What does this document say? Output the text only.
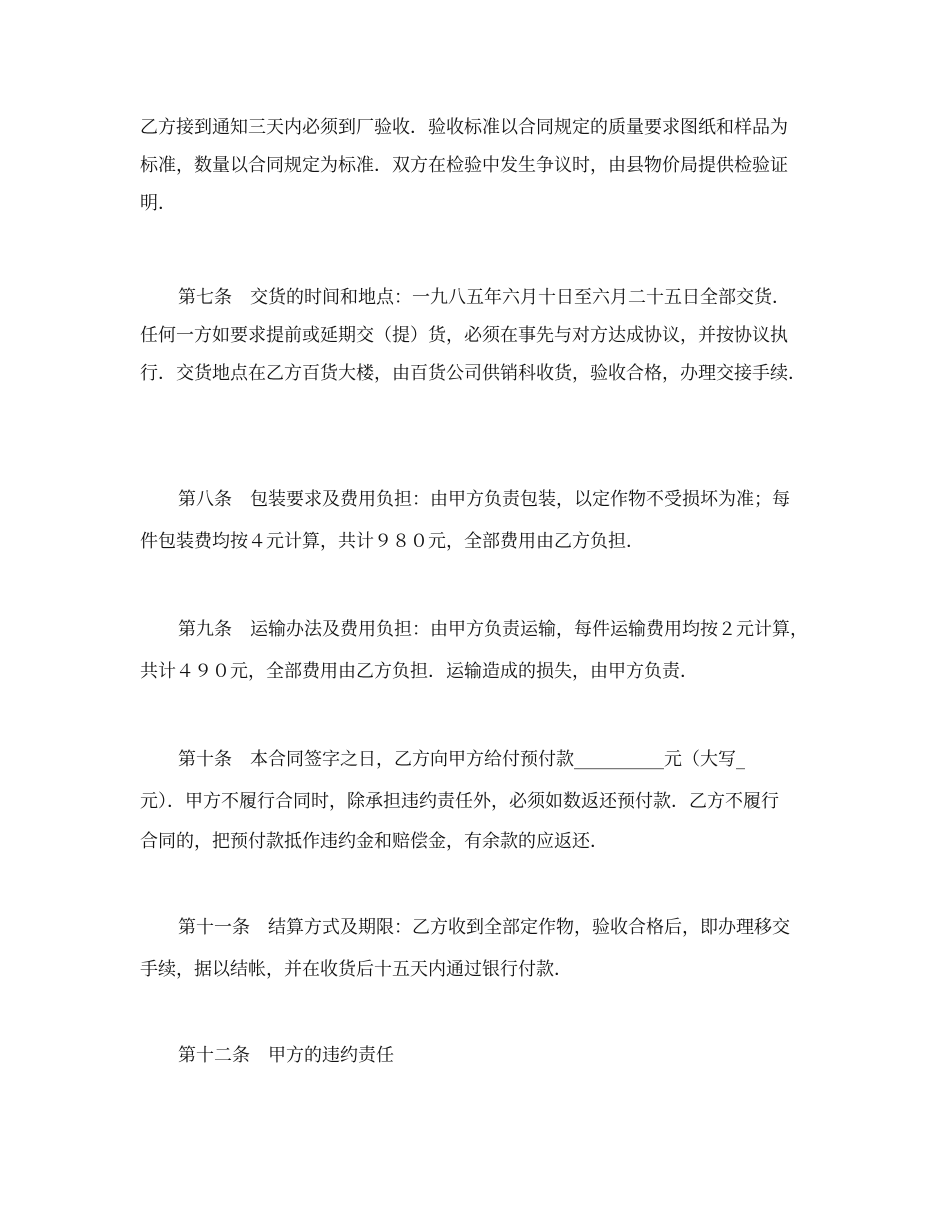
乙方接到通知三天内必须到厂验收．验收标准以合同规定的质量要求图纸和样品为

标准，数量以合同规定为标准．双方在检验中发生争议时，由县物价局提供检验证

明．

第七条　交货的时间和地点：一九八五年六月十日至六月二十五日全部交货．

任何一方如要求提前或延期交（提）货，必须在事先与对方达成协议，并按协议执

行．交货地点在乙方百货大楼，由百货公司供销科收货，验收合格，办理交接手续．

第八条　包装要求及费用负担：由甲方负责包装，以定作物不受损坏为准；每

件包装费均按４元计算，共计９８０元，全部费用由乙方负担．

第九条　运输办法及费用负担：由甲方负责运输，每件运输费用均按２元计算，

共计４９０元，全部费用由乙方负担．运输造成的损失，由甲方负责．

第十条　本合同签字之日，乙方向甲方给付预付款__________元（大写_

元）．甲方不履行合同时，除承担违约责任外，必须如数返还预付款．乙方不履行

合同的，把预付款抵作违约金和赔偿金，有余款的应返还．

第十一条　结算方式及期限：乙方收到全部定作物，验收合格后，即办理移交

手续，据以结帐，并在收货后十五天内通过银行付款．

第十二条　甲方的违约责任
